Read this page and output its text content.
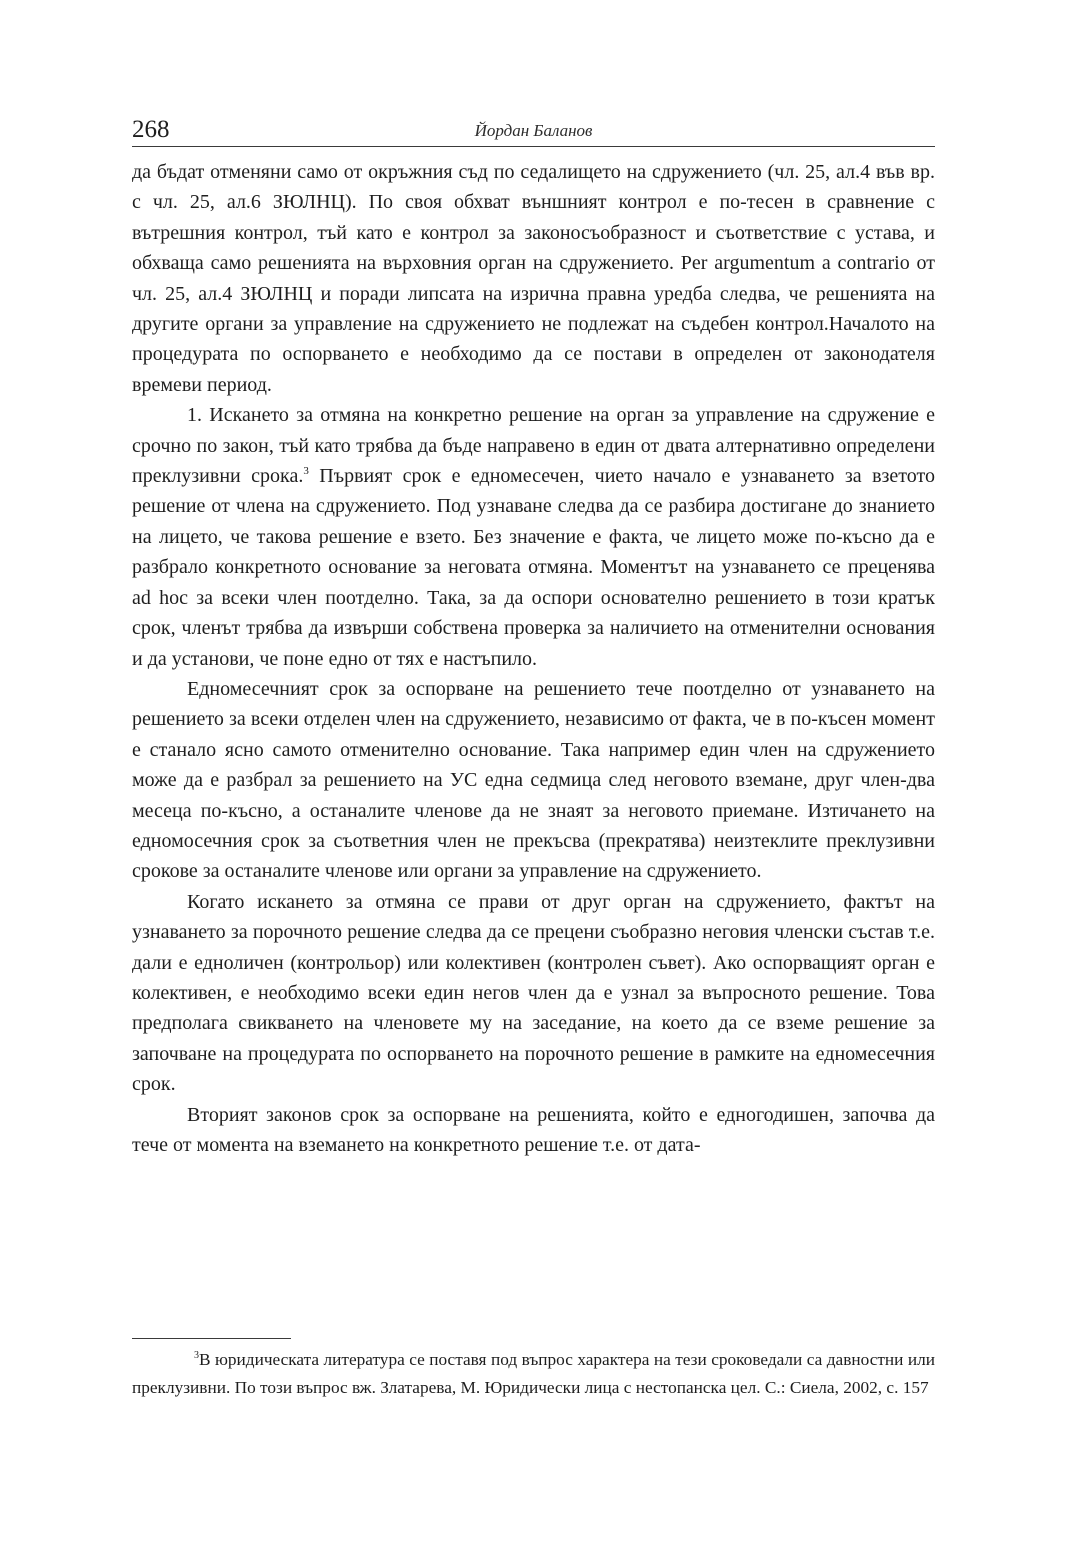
268	Йордан Баланов

да бъдат отменяни само от окръжния съд по седалището на сдружението (чл. 25, ал.4 във вр. с чл. 25, ал.6 ЗЮЛНЦ). По своя обхват външният контрол е по-тесен в сравнение с вътрешния контрол, тъй като е контрол за законосъобразност и съответствие с устава, и обхваща само решенията на върховния орган на сдружението. Per argumentum a contrario от чл. 25, ал.4 ЗЮЛНЦ и поради липсата на изрична правна уредба следва, че решенията на другите органи за управление на сдружението не подлежат на съдебен контрол.Началото на процедурата по оспорването е необходимо да се постави в определен от законодателя времеви период.

1. Искането за отмяна на конкретно решение на орган за управление на сдружение е срочно по закон, тъй като трябва да бъде направено в един от двата алтернативно определени преклузивни срока.$^3$ Първият срок е едномесечен, чието начало е узнаването за взетото решение от члена на сдружението. Под узнаване следва да се разбира достигане до знанието на лицето, че такова решение е взето. Без значение е факта, че лицето може по-късно да е разбрало конкретното основание за неговата отмяна. Моментът на узнаването се преценява ad hoc за всеки член поотделно. Така, за да оспори основателно решението в този кратък срок, членът трябва да извърши собствена проверка за наличието на отменителни основания и да установи, че поне едно от тях е настъпило.

Едномесечният срок за оспорване на решението тече поотделно от узнаването на решението за всеки отделен член на сдружението, независимо от факта, че в по-късен момент е станало ясно самото отменително основание. Така например един член на сдружението може да е разбрал за решението на УС една седмица след неговото вземане, друг член-два месеца по-късно, а останалите членове да не знаят за неговото приемане. Изтичането на едномосечния срок за съответния член не прекъсва (прекратява) неизтеклите преклузивни срокове за останалите членове или органи за управление на сдружението.

Когато искането за отмяна се прави от друг орган на сдружението, фактът на узнаването за порочното решение следва да се прецени съобразно неговия членски състав т.е. дали е едноличен (контрольор) или колективен (контролен съвет). Ако оспорващият орган е колективен, е необходимо всеки един негов член да е узнал за въпросното решение. Това предполага свикването на членовете му на заседание, на което да се вземе решение за започване на процедурата по оспорването на порочното решение в рамките на едномесечния срок.

Вторият законов срок за оспорване на решенията, който е едногодишен, започва да тече от момента на вземането на конкретното решение т.е. от дата-

$^3$В юридическата литература се поставя под въпрос характера на тези сроковедали са давностни или преклузивни. По този въпрос вж. Златарева, М. Юридически лица с нестопанска цел. С.: Сиела, 2002, с. 157
